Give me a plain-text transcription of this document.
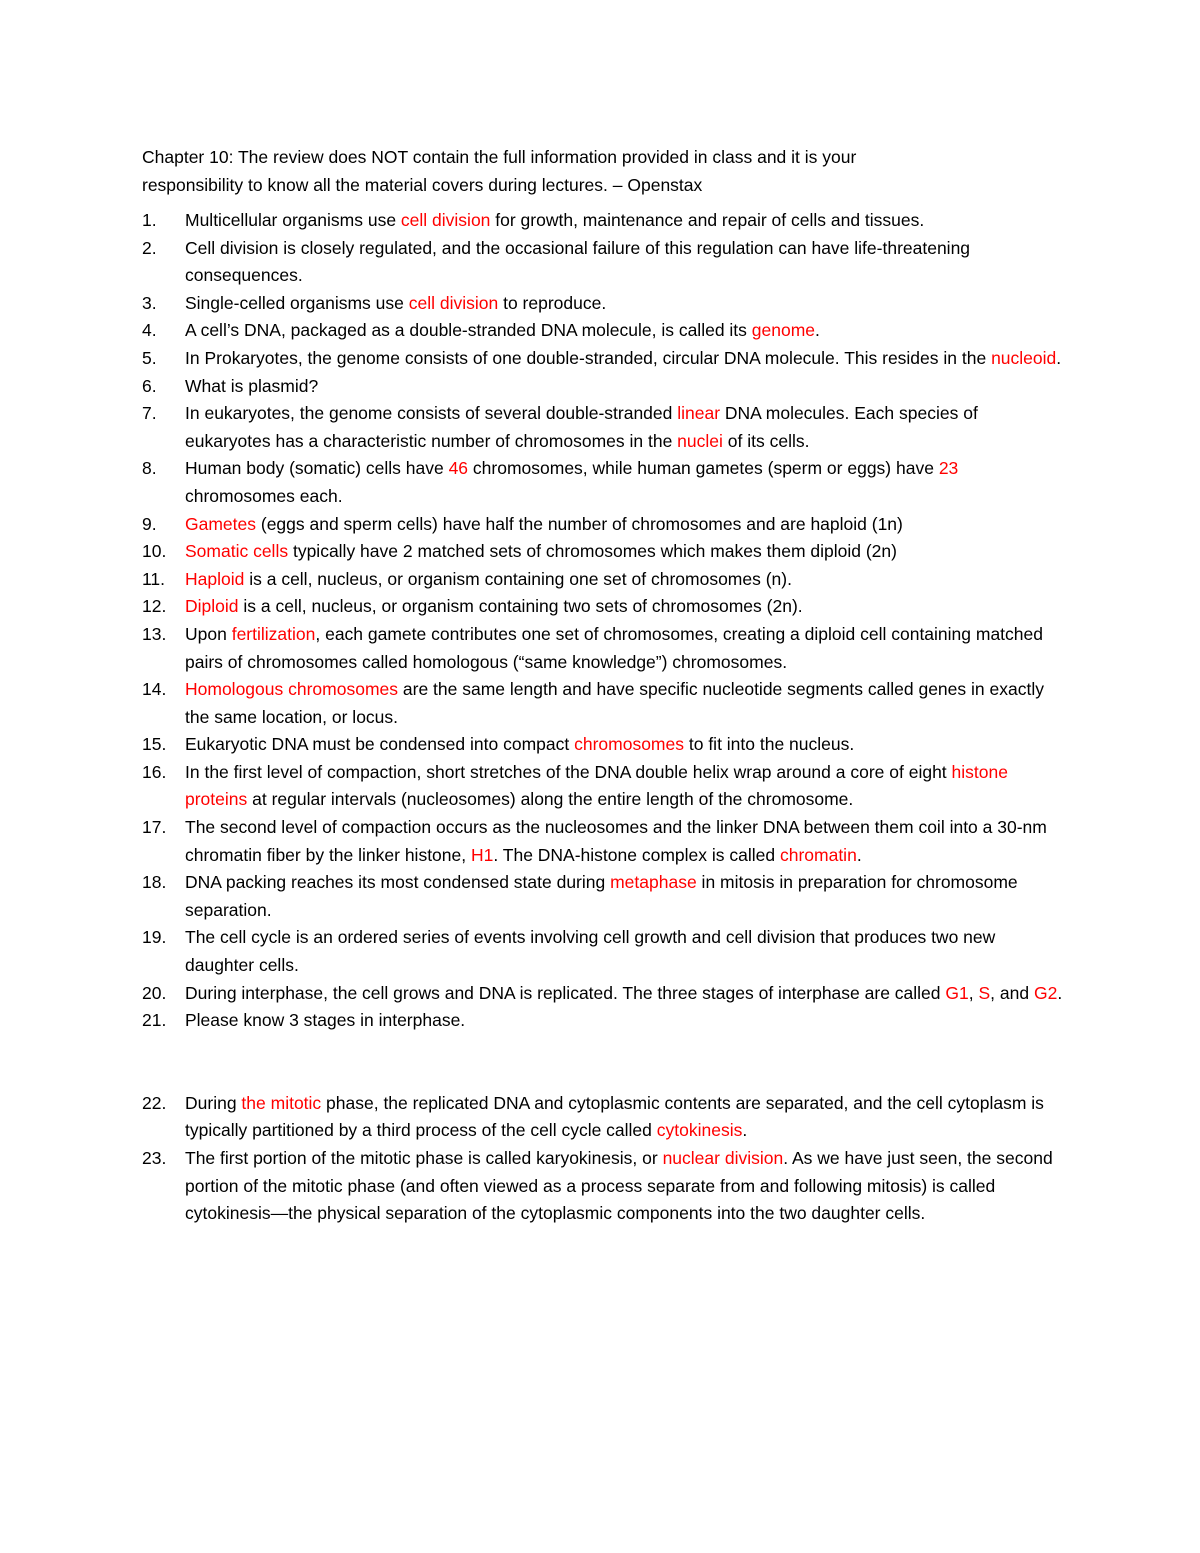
Chapter 10: The review does NOT contain the full information provided in class and it is your
responsibility to know all the material covers during lectures. – Openstax

1.	Multicellular organisms use cell division for growth, maintenance and repair of cells and tissues.
2.	Cell division is closely regulated, and the occasional failure of this regulation can have life-threatening consequences.
3.	Single-celled organisms use cell division to reproduce.
4.	A cell’s DNA, packaged as a double-stranded DNA molecule, is called its genome.
5.	In Prokaryotes, the genome consists of one double-stranded, circular DNA molecule. This resides in the nucleoid.
6.	What is plasmid?
7.	In eukaryotes, the genome consists of several double-stranded linear DNA molecules. Each species of eukaryotes has a characteristic number of chromosomes in the nuclei of its cells.
8.	Human body (somatic) cells have 46 chromosomes, while human gametes (sperm or eggs) have 23 chromosomes each.
9.	Gametes (eggs and sperm cells) have half the number of chromosomes and are haploid (1n)
10.	Somatic cells typically have 2 matched sets of chromosomes which makes them diploid (2n)
11.	Haploid is a cell, nucleus, or organism containing one set of chromosomes (n).
12.	Diploid is a cell, nucleus, or organism containing two sets of chromosomes (2n).
13.	Upon fertilization, each gamete contributes one set of chromosomes, creating a diploid cell containing matched pairs of chromosomes called homologous (“same knowledge”) chromosomes.
14.	Homologous chromosomes are the same length and have specific nucleotide segments called genes in exactly the same location, or locus.
15.	Eukaryotic DNA must be condensed into compact chromosomes to fit into the nucleus.
16.	In the first level of compaction, short stretches of the DNA double helix wrap around a core of eight histone proteins at regular intervals (nucleosomes) along the entire length of the chromosome.
17.	The second level of compaction occurs as the nucleosomes and the linker DNA between them coil into a 30-nm chromatin fiber by the linker histone, H1. The DNA-histone complex is called chromatin.
18.	DNA packing reaches its most condensed state during metaphase in mitosis in preparation for chromosome separation.
19.	The cell cycle is an ordered series of events involving cell growth and cell division that produces two new daughter cells.
20.	During interphase, the cell grows and DNA is replicated. The three stages of interphase are called G1, S, and G2.
21.	Please know 3 stages in interphase.
22.	During the mitotic phase, the replicated DNA and cytoplasmic contents are separated, and the cell cytoplasm is typically partitioned by a third process of the cell cycle called cytokinesis.
23.	The first portion of the mitotic phase is called karyokinesis, or nuclear division. As we have just seen, the second portion of the mitotic phase (and often viewed as a process separate from and following mitosis) is called cytokinesis—the physical separation of the cytoplasmic components into the two daughter cells.
